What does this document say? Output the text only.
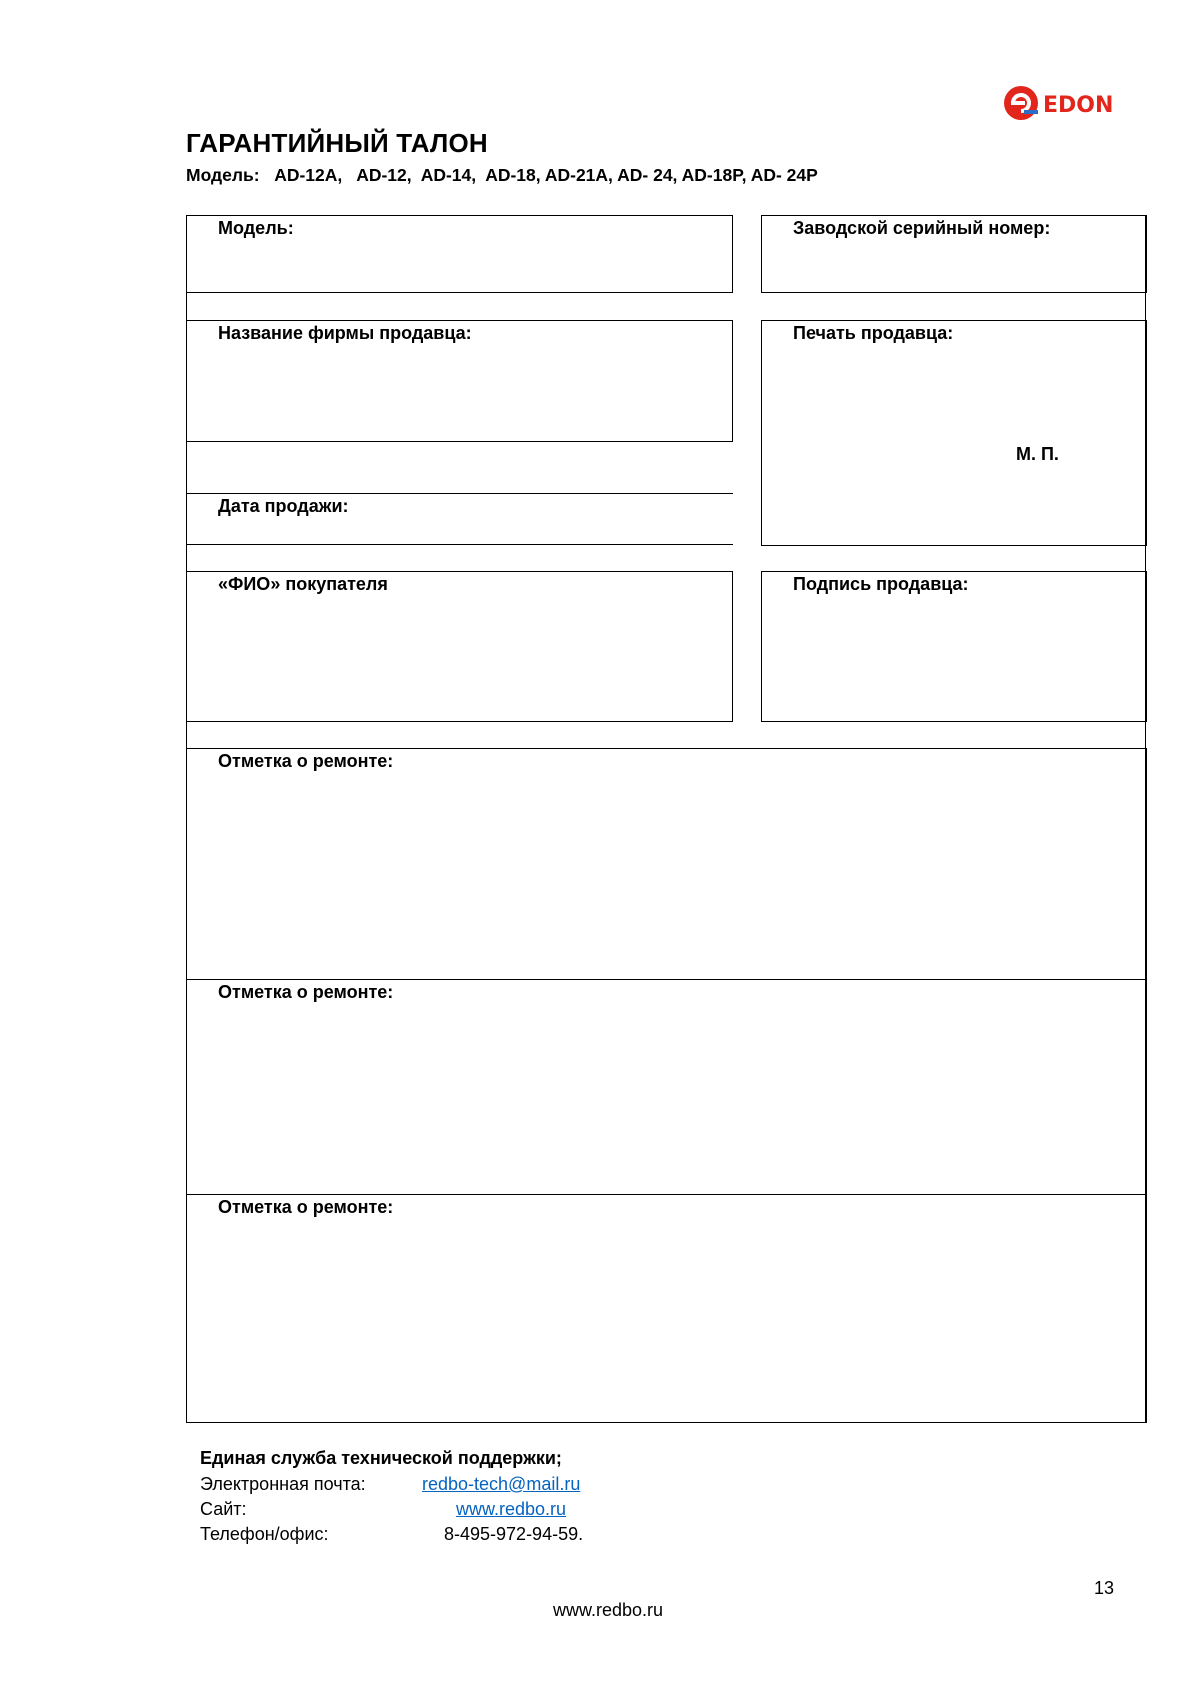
EDON
ГАРАНТИЙНЫЙ ТАЛОН
Модель: AD-12A,   AD-12,  AD-14,  AD-18, AD-21A, AD- 24, AD-18P, AD- 24P
Модель:	Заводской серийный номер:
Название фирмы продавца:	Печать продавца:
М. П.
Дата продажи:
«ФИО» покупателя	Подпись продавца:
Отметка о ремонте:
Отметка о ремонте:
Отметка о ремонте:
Единая служба технической поддержки;
Электронная почта:	redbo-tech@mail.ru
Сайт:	www.redbo.ru
Телефон/офис:	8-495-972-94-59.
13
www.redbo.ru
